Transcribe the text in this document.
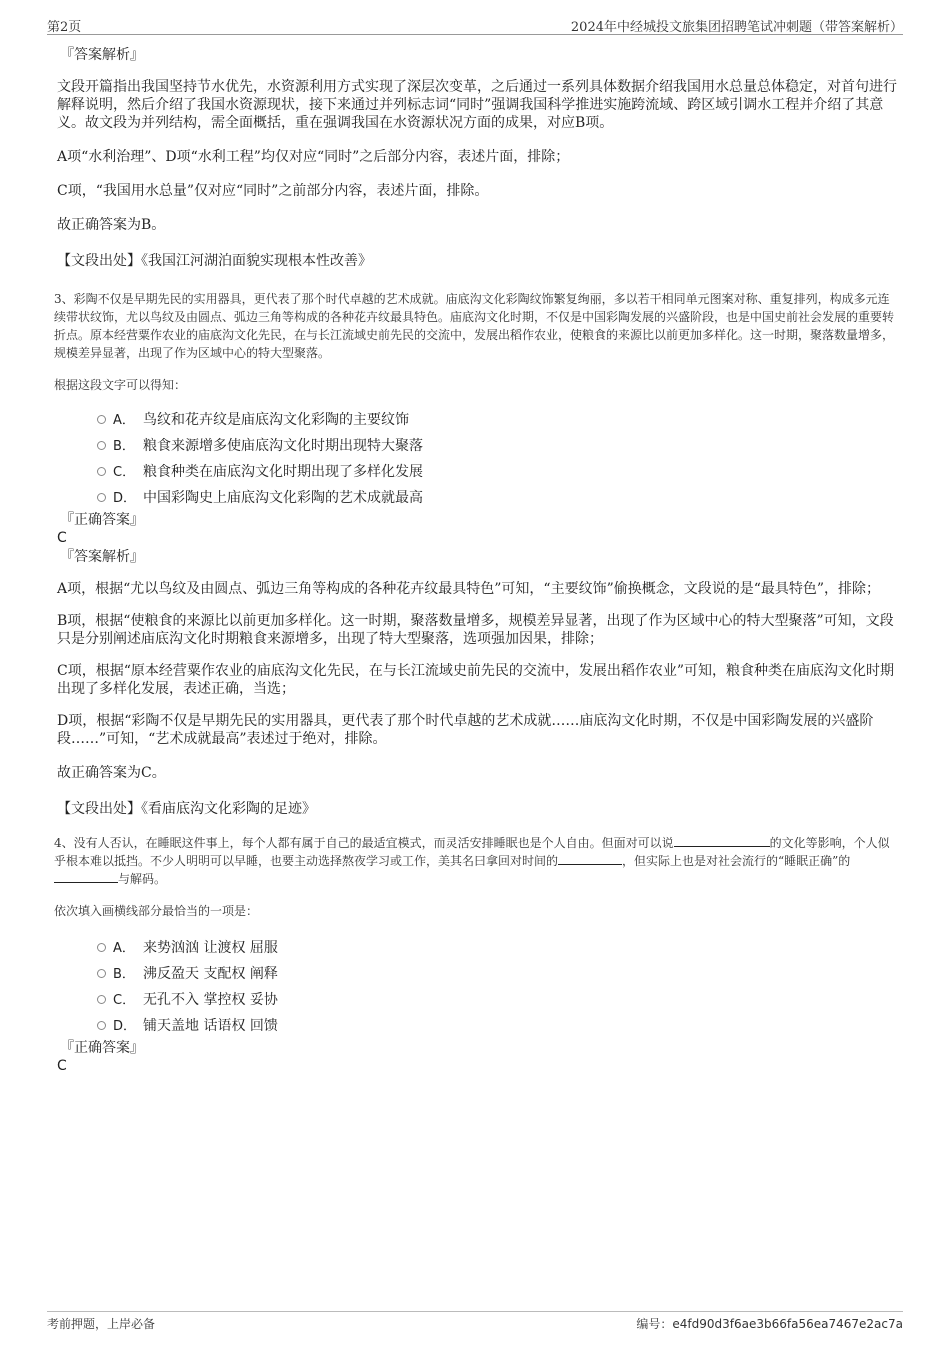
第2页	2024年中经城投文旅集团招聘笔试冲刺题（带答案解析）

『答案解析』

文段开篇指出我国坚持节水优先，水资源利用方式实现了深层次变革，之后通过一系列具体数据介绍我国用水总量总体稳定，对首句进行解释说明，然后介绍了我国水资源现状，接下来通过并列标志词“同时”强调我国科学推进实施跨流域、跨区域引调水工程并介绍了其意义。故文段为并列结构，需全面概括，重在强调我国在水资源状况方面的成果，对应B项。

A项“水利治理”、D项“水利工程”均仅对应“同时”之后部分内容，表述片面，排除；

C项，“我国用水总量”仅对应“同时”之前部分内容，表述片面，排除。

故正确答案为B。

【文段出处】《我国江河湖泊面貌实现根本性改善》

3、彩陶不仅是早期先民的实用器具，更代表了那个时代卓越的艺术成就。庙底沟文化彩陶纹饰繁复绚丽，多以若干相同单元图案对称、重复排列，构成多元连续带状纹饰，尤以鸟纹及由圆点、弧边三角等构成的各种花卉纹最具特色。庙底沟文化时期，不仅是中国彩陶发展的兴盛阶段，也是中国史前社会发展的重要转折点。原本经营粟作农业的庙底沟文化先民，在与长江流域史前先民的交流中，发展出稻作农业，使粮食的来源比以前更加多样化。这一时期，聚落数量增多，规模差异显著，出现了作为区域中心的特大型聚落。

根据这段文字可以得知：

A． 鸟纹和花卉纹是庙底沟文化彩陶的主要纹饰
B． 粮食来源增多使庙底沟文化时期出现特大聚落
C． 粮食种类在庙底沟文化时期出现了多样化发展
D． 中国彩陶史上庙底沟文化彩陶的艺术成就最高

『正确答案』

C

『答案解析』

A项，根据“尤以鸟纹及由圆点、弧边三角等构成的各种花卉纹最具特色”可知，“主要纹饰”偷换概念，文段说的是“最具特色”，排除；

B项，根据“使粮食的来源比以前更加多样化。这一时期，聚落数量增多，规模差异显著，出现了作为区域中心的特大型聚落”可知，文段只是分别阐述庙底沟文化时期粮食来源增多，出现了特大型聚落，选项强加因果，排除；

C项，根据“原本经营粟作农业的庙底沟文化先民，在与长江流域史前先民的交流中，发展出稻作农业”可知，粮食种类在庙底沟文化时期出现了多样化发展，表述正确，当选；

D项，根据“彩陶不仅是早期先民的实用器具，更代表了那个时代卓越的艺术成就……庙底沟文化时期，不仅是中国彩陶发展的兴盛阶段……”可知，“艺术成就最高”表述过于绝对，排除。

故正确答案为C。

【文段出处】《看庙底沟文化彩陶的足迹》

4、没有人否认，在睡眠这件事上，每个人都有属于自己的最适宜模式，而灵活安排睡眠也是个人自由。但面对可以说	的文化等影响，个人似乎根本难以抵挡。不少人明明可以早睡，也要主动选择熬夜学习或工作，美其名曰拿回对时间的	，但实际上也是对社会流行的“睡眠正确”的与解码。

依次填入画横线部分最恰当的一项是：

A． 来势汹汹 让渡权 屈服
B． 沸反盈天 支配权 阐释
C． 无孔不入 掌控权 妥协
D． 铺天盖地 话语权 回馈

『正确答案』

C

考前押题，上岸必备	编号：e4fd90d3f6ae3b66fa56ea7467e2ac7a
